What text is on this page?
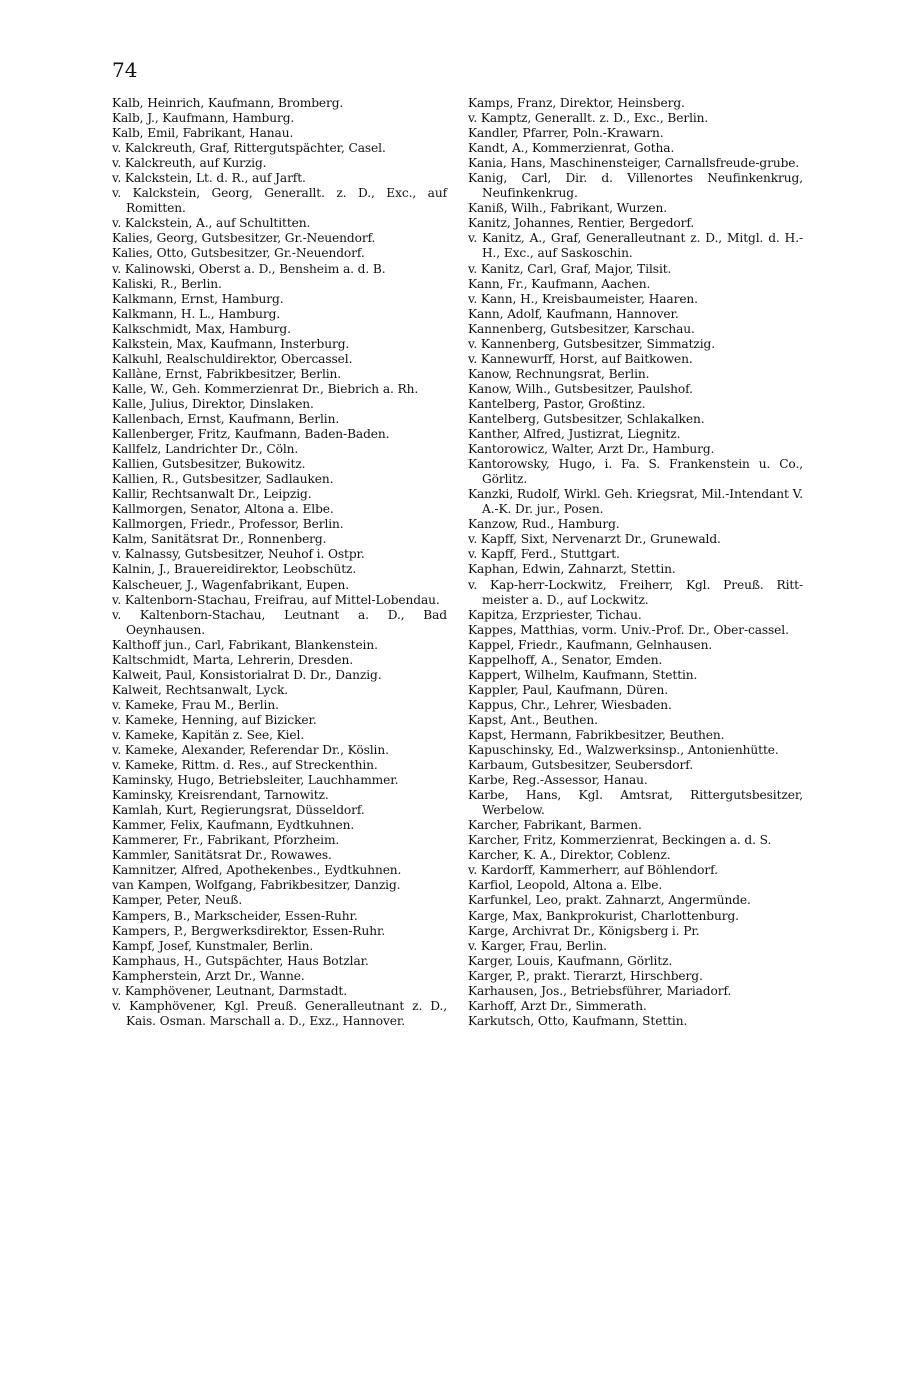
74
Kalb, Heinrich, Kaufmann, Bromberg.
Kalb, J., Kaufmann, Hamburg.
Kalb, Emil, Fabrikant, Hanau.
v. Kalckreuth, Graf, Rittergutspächter, Casel.
v. Kalckreuth, auf Kurzig.
v. Kalckstein, Lt. d. R., auf Jarft.
v. Kalckstein, Georg, Generallt. z. D., Exc., auf Romitten.
v. Kalckstein, A., auf Schultitten.
Kalies, Georg, Gutsbesitzer, Gr.-Neuendorf.
Kalies, Otto, Gutsbesitzer, Gr.-Neuendorf.
v. Kalinowski, Oberst a. D., Bensheim a. d. B.
Kaliski, R., Berlin.
Kalkmann, Ernst, Hamburg.
Kalkmann, H. L., Hamburg.
Kalkschmidt, Max, Hamburg.
Kalkstein, Max, Kaufmann, Insterburg.
Kalkuhl, Realschuldirektor, Obercassel.
Kallàne, Ernst, Fabrikbesitzer, Berlin.
Kalle, W., Geh. Kommerzienrat Dr., Biebrich a. Rh.
Kalle, Julius, Direktor, Dinslaken.
Kallenbach, Ernst, Kaufmann, Berlin.
Kallenberger, Fritz, Kaufmann, Baden-Baden.
Kallfelz, Landrichter Dr., Cöln.
Kallien, Gutsbesitzer, Bukowitz.
Kallien, R., Gutsbesitzer, Sadlauken.
Kallir, Rechtsanwalt Dr., Leipzig.
Kallmorgen, Senator, Altona a. Elbe.
Kallmorgen, Friedr., Professor, Berlin.
Kalm, Sanitätsrat Dr., Ronnenberg.
v. Kalnassy, Gutsbesitzer, Neuhof i. Ostpr.
Kalnin, J., Brauereidirektor, Leobschütz.
Kalscheuer, J., Wagenfabrikant, Eupen.
v. Kaltenborn-Stachau, Freifrau, auf Mittel-Lobendau.
v. Kaltenborn-Stachau, Leutnant a. D., Bad Oeynhausen.
Kalthoff jun., Carl, Fabrikant, Blankenstein.
Kaltschmidt, Marta, Lehrerin, Dresden.
Kalweit, Paul, Konsistorialrat D. Dr., Danzig.
Kalweit, Rechtsanwalt, Lyck.
v. Kameke, Frau M., Berlin.
v. Kameke, Henning, auf Bizicker.
v. Kameke, Kapitän z. See, Kiel.
v. Kameke, Alexander, Referendar Dr., Köslin.
v. Kameke, Rittm. d. Res., auf Streckenthin.
Kaminsky, Hugo, Betriebsleiter, Lauchhammer.
Kaminsky, Kreisrendant, Tarnowitz.
Kamlah, Kurt, Regierungsrat, Düsseldorf.
Kammer, Felix, Kaufmann, Eydtkuhnen.
Kammerer, Fr., Fabrikant, Pforzheim.
Kammler, Sanitätsrat Dr., Rowawes.
Kamnitzer, Alfred, Apothekenbes., Eydtkuhnen.
van Kampen, Wolfgang, Fabrikbesitzer, Danzig.
Kamper, Peter, Neuß.
Kampers, B., Markscheider, Essen-Ruhr.
Kampers, P., Bergwerksdirektor, Essen-Ruhr.
Kampf, Josef, Kunstmaler, Berlin.
Kamphaus, H., Gutspächter, Haus Botzlar.
Kampherstein, Arzt Dr., Wanne.
v. Kamphövener, Leutnant, Darmstadt.
v. Kamphövener, Kgl. Preuß. Generalleutnant z. D., Kais. Osman. Marschall a. D., Exz., Hannover.
Kamps, Franz, Direktor, Heinsberg.
v. Kamptz, Generallt. z. D., Exc., Berlin.
Kandler, Pfarrer, Poln.-Krawarn.
Kandt, A., Kommerzienrat, Gotha.
Kania, Hans, Maschinensteiger, Carnallsfreude-grube.
Kanig, Carl, Dir. d. Villenortes Neufinkenkrug, Neufinkenkrug.
Kaniß, Wilh., Fabrikant, Wurzen.
Kanitz, Johannes, Rentier, Bergedorf.
v. Kanitz, A., Graf, Generalleutnant z. D., Mitgl. d. H.-H., Exc., auf Saskoschin.
v. Kanitz, Carl, Graf, Major, Tilsit.
Kann, Fr., Kaufmann, Aachen.
v. Kann, H., Kreisbaumeister, Haaren.
Kann, Adolf, Kaufmann, Hannover.
Kannenberg, Gutsbesitzer, Karschau.
v. Kannenberg, Gutsbesitzer, Simmatzig.
v. Kannewurff, Horst, auf Baitkowen.
Kanow, Rechnungsrat, Berlin.
Kanow, Wilh., Gutsbesitzer, Paulshof.
Kantelberg, Pastor, Großtinz.
Kantelberg, Gutsbesitzer, Schlakalken.
Kanther, Alfred, Justizrat, Liegnitz.
Kantorowicz, Walter, Arzt Dr., Hamburg.
Kantorowsky, Hugo, i. Fa. S. Frankenstein u. Co., Görlitz.
Kanzki, Rudolf, Wirkl. Geh. Kriegsrat, Mil.-Intendant V. A.-K. Dr. jur., Posen.
Kanzow, Rud., Hamburg.
v. Kapff, Sixt, Nervenarzt Dr., Grunewald.
v. Kapff, Ferd., Stuttgart.
Kaphan, Edwin, Zahnarzt, Stettin.
v. Kap-herr-Lockwitz, Freiherr, Kgl. Preuß. Ritt-meister a. D., auf Lockwitz.
Kapitza, Erzpriester, Tichau.
Kappes, Matthias, vorm. Univ.-Prof. Dr., Ober-cassel.
Kappel, Friedr., Kaufmann, Gelnhausen.
Kappelhoff, A., Senator, Emden.
Kappert, Wilhelm, Kaufmann, Stettin.
Kappler, Paul, Kaufmann, Düren.
Kappus, Chr., Lehrer, Wiesbaden.
Kapst, Ant., Beuthen.
Kapst, Hermann, Fabrikbesitzer, Beuthen.
Kapuschinsky, Ed., Walzwerksinsp., Antonienhütte.
Karbaum, Gutsbesitzer, Seubersdorf.
Karbe, Reg.-Assessor, Hanau.
Karbe, Hans, Kgl. Amtsrat, Rittergutsbesitzer, Werbelow.
Karcher, Fabrikant, Barmen.
Karcher, Fritz, Kommerzienrat, Beckingen a. d. S.
Karcher, K. A., Direktor, Coblenz.
v. Kardorff, Kammerherr, auf Böhlendorf.
Karfiol, Leopold, Altona a. Elbe.
Karfunkel, Leo, prakt. Zahnarzt, Angermünde.
Karge, Max, Bankprokurist, Charlottenburg.
Karge, Archivrat Dr., Königsberg i. Pr.
v. Karger, Frau, Berlin.
Karger, Louis, Kaufmann, Görlitz.
Karger, P., prakt. Tierarzt, Hirschberg.
Karhausen, Jos., Betriebsführer, Mariadorf.
Karhoff, Arzt Dr., Simmerath.
Karkutsch, Otto, Kaufmann, Stettin.
